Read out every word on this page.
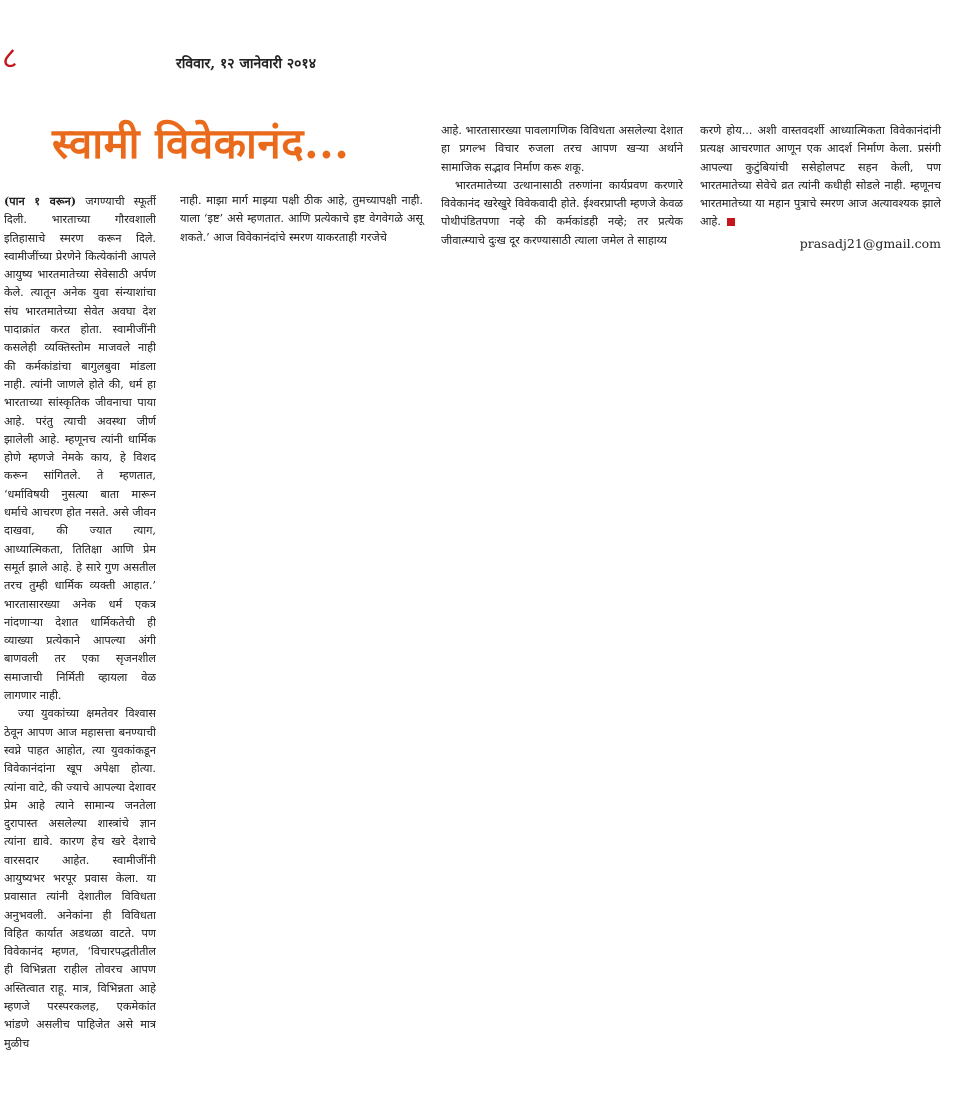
८	रविवार, १२ जानेवारी २०१४
स्वामी विवेकानंद...

(पान १ वरून) जगण्याची स्फूर्ती दिली. भारताच्या गौरवशाली इतिहासाचे स्मरण करून दिले. स्वामीजींच्या प्रेरणेने कित्येकांनी आपले आयुष्य भारतमातेच्या सेवेसाठी अर्पण केले. त्यातून अनेक युवा संन्याशांचा संघ भारतमातेच्या सेवेत अवघा देश पादाक्रांत करत होता. स्वामीजींनी कसलेही व्यक्तिस्तोम माजवले नाही की कर्मकांडांचा बागुलबुवा मांडला नाही. त्यांनी जाणले होते की, धर्म हा भारताच्या सांस्कृतिक जीवनाचा पाया आहे. परंतु त्याची अवस्था जीर्ण झालेली आहे. म्हणूनच त्यांनी धार्मिक होणे म्हणजे नेमके काय, हे विशद करून सांगितले. ते म्हणतात, ‘धर्माविषयी नुसत्या बाता मारून धर्माचे आचरण होत नसते. असे जीवन दाखवा, की ज्यात त्याग, आध्यात्मिकता, तितिक्षा आणि प्रेम समूर्त झाले आहे. हे सारे गुण असतील तरच तुम्ही धार्मिक व्यक्ती आहात.’ भारतासारख्या अनेक धर्म एकत्र नांदणाऱ्या देशात धार्मिकतेची ही व्याख्या प्रत्येकाने आपल्या अंगी बाणवली तर एका सृजनशील समाजाची निर्मिती व्हायला वेळ लागणार नाही.

ज्या युवकांच्या क्षमतेवर विश्वास ठेवून आपण आज महासत्ता बनण्याची स्वप्ने पाहत आहोत, त्या युवकांकडून विवेकानंदांना खूप अपेक्षा होत्या. त्यांना वाटे, की ज्याचे आपल्या देशावर प्रेम आहे त्याने सामान्य जनतेला दुरापास्त असलेल्या शास्त्रांचे ज्ञान त्यांना द्यावे. कारण हेच खरे देशाचे वारसदार आहेत. स्वामीजींनी आयुष्यभर भरपूर प्रवास केला. या प्रवासात त्यांनी देशातील विविधता अनुभवली. अनेकांना ही विविधता विहित कार्यात अडथळा वाटते. पण विवेकानंद म्हणत, ‘विचारपद्धतीतील ही विभिन्नता राहील तोवरच आपण अस्तित्वात राहू. मात्र, विभिन्नता आहे म्हणजे परस्परकलह, एकमेकांत भांडणे असलीच पाहिजेत असे मात्र मुळीच

नाही. माझा मार्ग माझ्या पक्षी ठीक आहे, तुमच्यापक्षी नाही. याला ‘इष्ट’ असे म्हणतात. आणि प्रत्येकाचे इष्ट वेगवेगळे असू शकते.’ आज विवेकानंदांचे स्मरण याकरताही गरजेचे

आहे. भारतासारख्या पावलागणिक विविधता असलेल्या देशात हा प्रगल्भ विचार रुजला तरच आपण खऱ्या अर्थाने सामाजिक सद्भाव निर्माण करू शकू.

भारतमातेच्या उत्थानासाठी तरुणांना कार्यप्रवण करणारे विवेकानंद खरेखुरे विवेकवादी होते. ईश्वरप्राप्ती म्हणजे केवळ पोथीपंडितपणा नव्हे की कर्मकांडही नव्हे; तर प्रत्येक जीवात्म्याचे दुःख दूर करण्यासाठी त्याला जमेल ते साहाय्य

करणे होय... अशी वास्तवदर्शी आध्यात्मिकता विवेकानंदांनी प्रत्यक्ष आचरणात आणून एक आदर्श निर्माण केला. प्रसंगी आपल्या कुटुंबियांची ससेहोलपट सहन केली, पण भारतमातेच्या सेवेचे व्रत त्यांनी कधीही सोडले नाही. म्हणूनच भारतमातेच्या या महान पुत्राचे स्मरण आज अत्यावश्यक झाले आहे.

prasadj21@gmail.com
